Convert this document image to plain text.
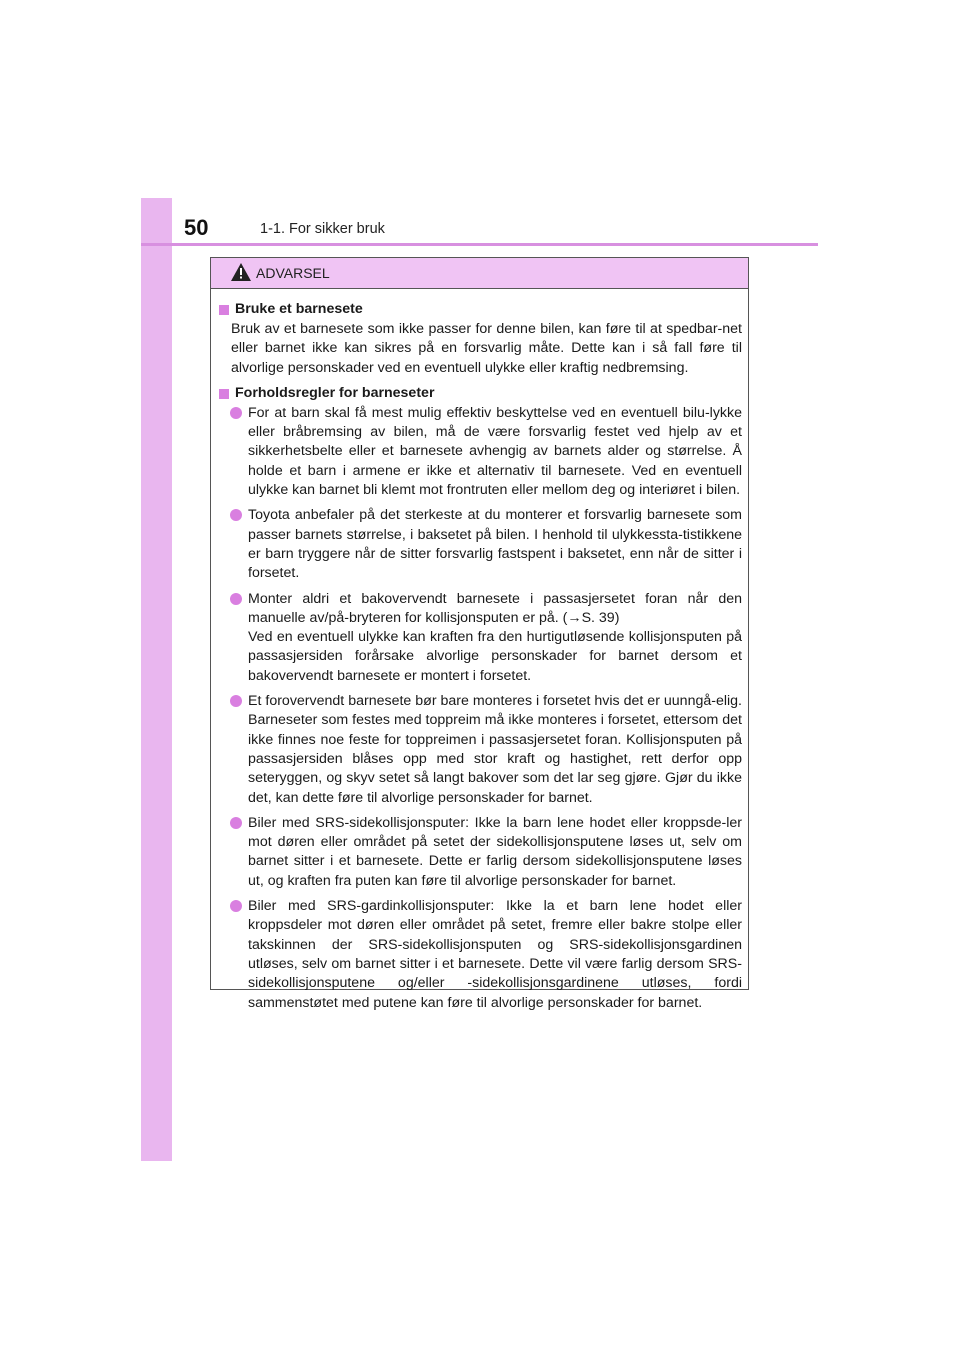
50	1-1. For sikker bruk
ADVARSEL
Bruke et barnesete
Bruk av et barnesete som ikke passer for denne bilen, kan føre til at spedbar-net eller barnet ikke kan sikres på en forsvarlig måte. Dette kan i så fall føre til alvorlige personskader ved en eventuell ulykke eller kraftig nedbremsing.
Forholdsregler for barneseter

For at barn skal få mest mulig effektiv beskyttelse ved en eventuell bilu-lykke eller bråbremsing av bilen, må de være forsvarlig festet ved hjelp av et sikkerhetsbelte eller et barnesete avhengig av barnets alder og størrelse. Å holde et barn i armene er ikke et alternativ til barnesete. Ved en eventuell ulykke kan barnet bli klemt mot frontruten eller mellom deg og interiøret i bilen.

Toyota anbefaler på det sterkeste at du monterer et forsvarlig barnesete som passer barnets størrelse, i baksetet på bilen. I henhold til ulykkessta-tistikkene er barn tryggere når de sitter forsvarlig fastspent i baksetet, enn når de sitter i forsetet.

Monter aldri et bakovervendt barnesete i passasjersetet foran når den manuelle av/på-bryteren for kollisjonsputen er på. (→S. 39)

Ved en eventuell ulykke kan kraften fra den hurtigutløsende kollisjonsputen på passasjersiden forårsake alvorlige personskader for barnet dersom et bakovervendt barnesete er montert i forsetet.

Et forovervendt barnesete bør bare monteres i forsetet hvis det er uunngå-elig. Barneseter som festes med toppreim må ikke monteres i forsetet, ettersom det ikke finnes noe feste for toppreimen i passasjersetet foran. Kollisjonsputen på passasjersiden blåses opp med stor kraft og hastighet, rett derfor opp seteryggen, og skyv setet så langt bakover som det lar seg gjøre. Gjør du ikke det, kan dette føre til alvorlige personskader for barnet.

Biler med SRS-sidekollisjonsputer: Ikke la barn lene hodet eller kroppsde-ler mot døren eller området på setet der sidekollisjonsputene løses ut, selv om barnet sitter i et barnesete. Dette er farlig dersom sidekollisjonsputene løses ut, og kraften fra puten kan føre til alvorlige personskader for barnet.

Biler med SRS-gardinkollisjonsputer: Ikke la et barn lene hodet eller kroppsdeler mot døren eller området på setet, fremre eller bakre stolpe eller takskinnen der SRS-sidekollisjonsputen og SRS-sidekollisjonsgardinen utløses, selv om barnet sitter i et barnesete. Dette vil være farlig dersom SRS-sidekollisjonsputene og/eller -sidekollisjonsgardinene utløses, fordi sammenstøtet med putene kan føre til alvorlige personskader for barnet.
